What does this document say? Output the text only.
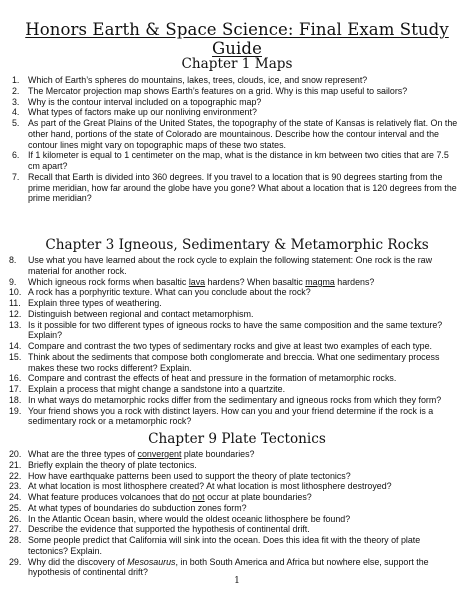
Honors Earth & Space Science: Final Exam Study Guide
Chapter 1 Maps
1. Which of Earth’s spheres do mountains, lakes, trees, clouds, ice, and snow represent?
2. The Mercator projection map shows Earth’s features on a grid. Why is this map useful to sailors?
3. Why is the contour interval included on a topographic map?
4. What types of factors make up our nonliving environment?
5. As part of the Great Plains of the United States, the topography of the state of Kansas is relatively flat. On the other hand, portions of the state of Colorado are mountainous. Describe how the contour interval and the contour lines might vary on topographic maps of these two states.
6. If 1 kilometer is equal to 1 centimeter on the map, what is the distance in km between two cities that are 7.5 cm apart?
7. Recall that Earth is divided into 360 degrees. If you travel to a location that is 90 degrees starting from the prime meridian, how far around the globe have you gone? What about a location that is 120 degrees from the prime meridian?
Chapter 3 Igneous, Sedimentary & Metamorphic Rocks
8.	Use what you have learned about the rock cycle to explain the following statement: One rock is the raw material for another rock.
9.	Which igneous rock forms when basaltic lava hardens? When basaltic magma hardens?
10. A rock has a porphyritic texture. What can you conclude about the rock?
11. Explain three types of weathering.
12. Distinguish between regional and contact metamorphism.
13. Is it possible for two different types of igneous rocks to have the same composition and the same texture? Explain?
14. Compare and contrast the two types of sedimentary rocks and give at least two examples of each type.
15. Think about the sediments that compose both conglomerate and breccia. What one sedimentary process makes these two rocks different? Explain.
16. Compare and contrast the effects of heat and pressure in the formation of metamorphic rocks.
17. Explain a process that might change a sandstone into a quartzite.
18. In what ways do metamorphic rocks differ from the sedimentary and igneous rocks from which they form?
19. Your friend shows you a rock with distinct layers. How can you and your friend determine if the rock is a sedimentary rock or a metamorphic rock?
Chapter 9 Plate Tectonics
20. What are the three types of convergent plate boundaries?
21. Briefly explain the theory of plate tectonics.
22. How have earthquake patterns been used to support the theory of plate tectonics?
23. At what location is most lithosphere created? At what location is most lithosphere destroyed?
24. What feature produces volcanoes that do not occur at plate boundaries?
25. At what types of boundaries do subduction zones form?
26. In the Atlantic Ocean basin, where would the oldest oceanic lithosphere be found?
27. Describe the evidence that supported the hypothesis of continental drift.
28. Some people predict that California will sink into the ocean. Does this idea fit with the theory of plate tectonics? Explain.
29. Why did the discovery of Mesosaurus, in both South America and Africa but nowhere else, support the hypothesis of continental drift?
1
